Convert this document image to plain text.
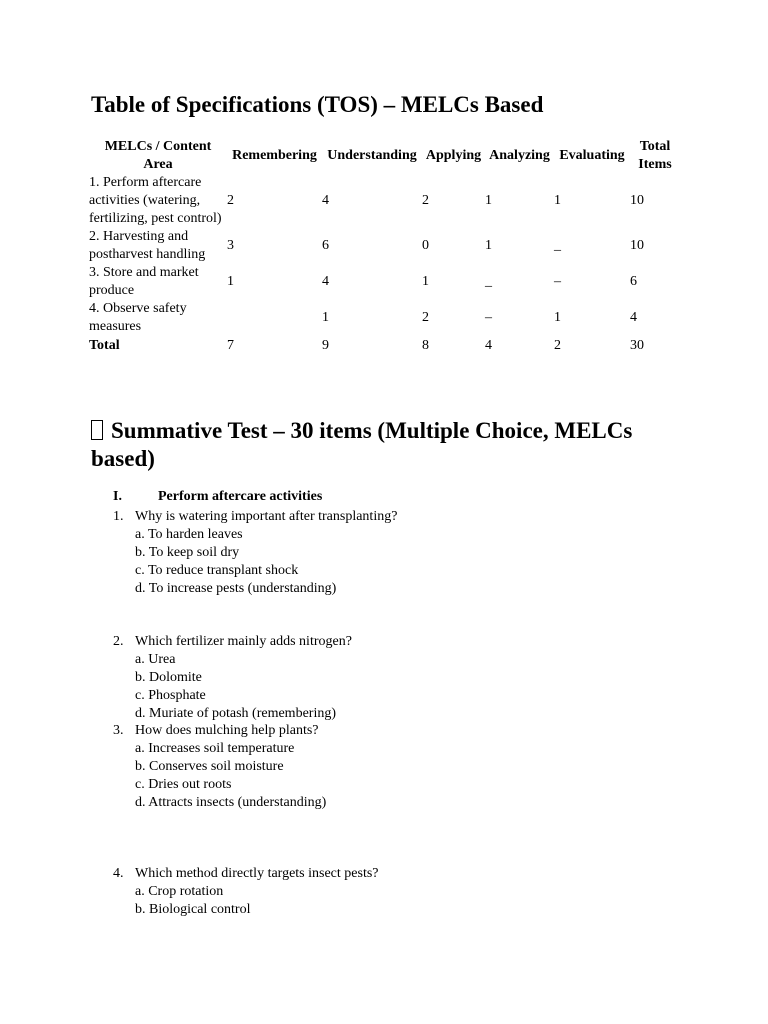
Table of Specifications (TOS) – MELCs Based
MELCs / Content Area	Remembering	Understanding	Applying	Analyzing	Evaluating	Total Items
1. Perform aftercare activities (watering, fertilizing, pest control)	2	4	2	1	1	10
2. Harvesting and postharvest handling	3	6	0	1	_	10
3. Store and market produce	1	4	1	_	–	6
4. Observe safety measures		1	2	–	1	4
Total	7	9	8	4	2	30
Summative Test – 30 items (Multiple Choice, MELCs based)
I.	Perform aftercare activities
1. Why is watering important after transplanting?
a. To harden leaves
b. To keep soil dry
c. To reduce transplant shock
d. To increase pests (understanding)
2. Which fertilizer mainly adds nitrogen?
a. Urea
b. Dolomite
c. Phosphate
d. Muriate of potash (remembering)
3. How does mulching help plants?
a. Increases soil temperature
b. Conserves soil moisture
c. Dries out roots
d. Attracts insects (understanding)
4. Which method directly targets insect pests?
a. Crop rotation
b. Biological control
